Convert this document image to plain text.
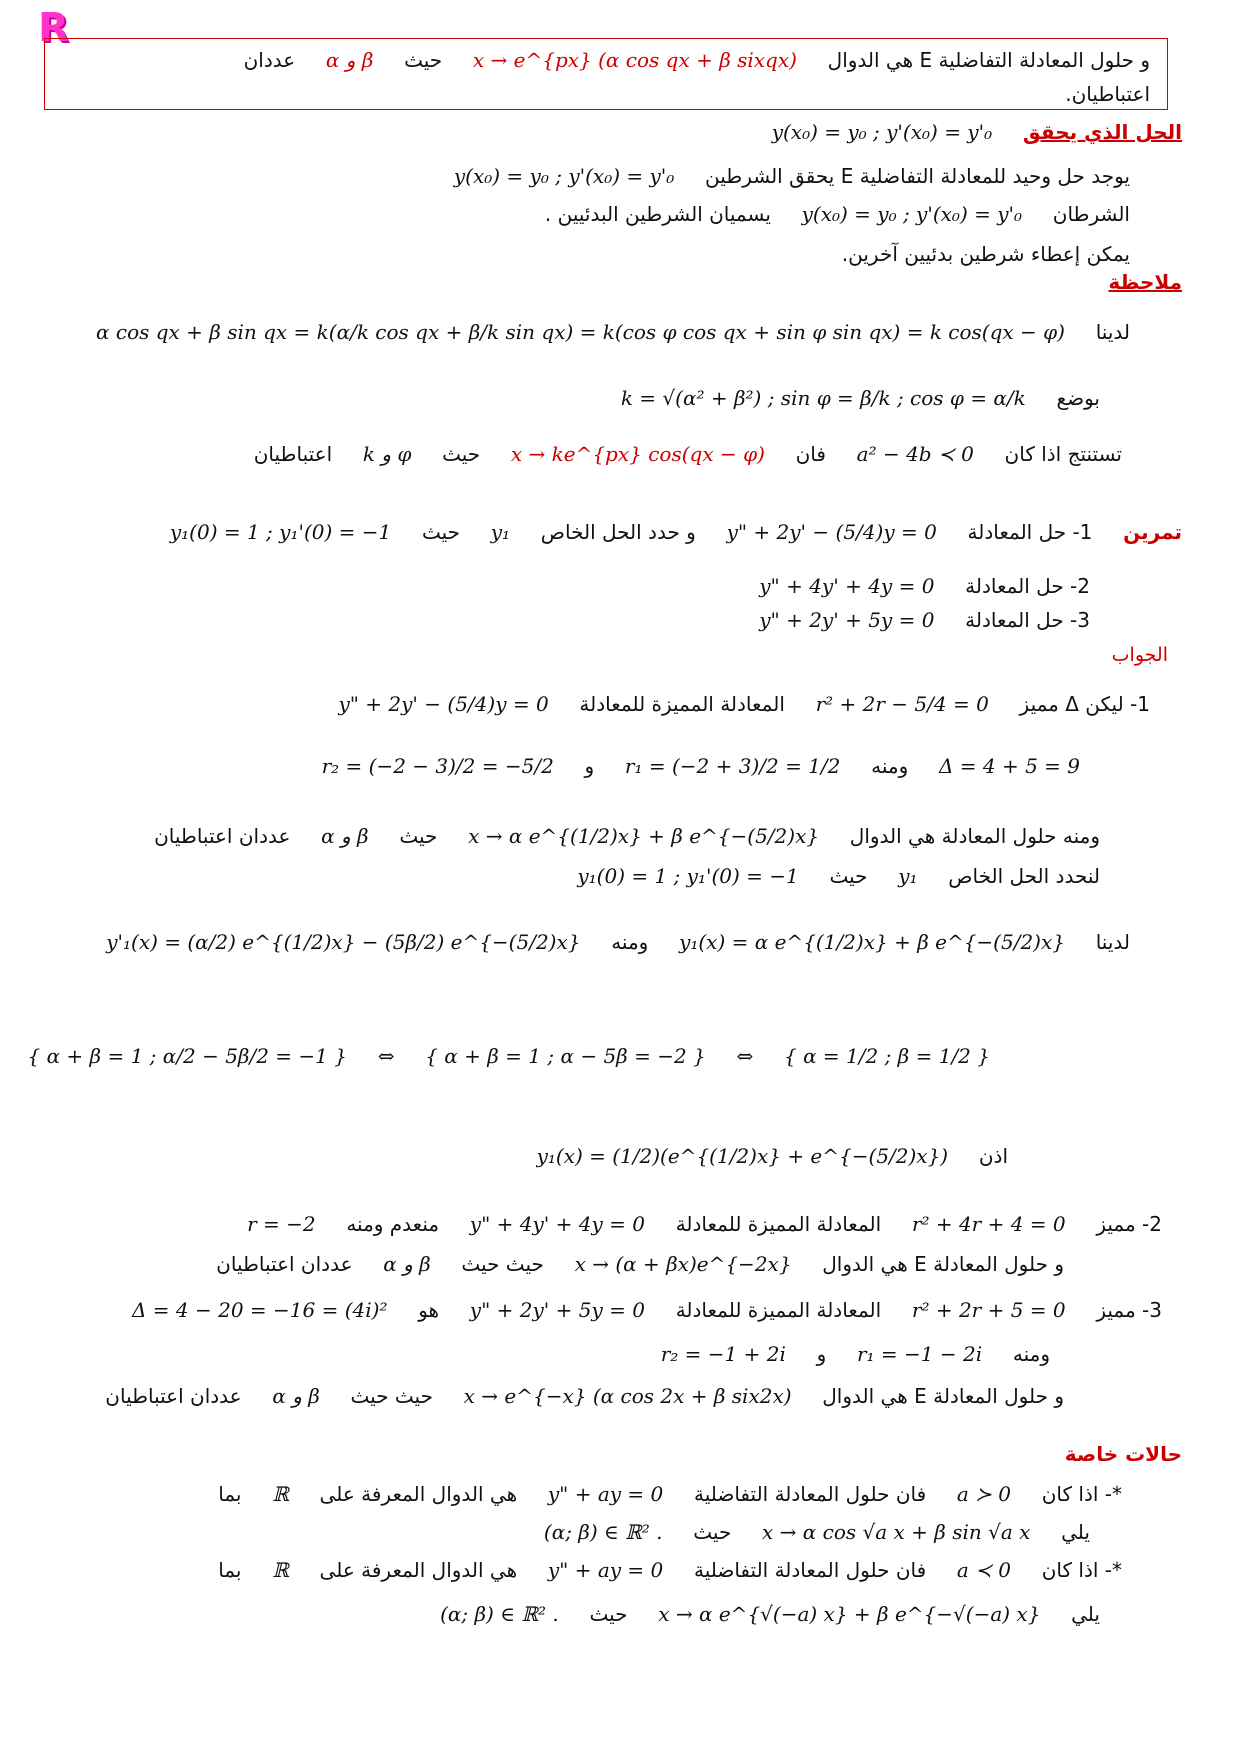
R
و حلول المعادلة التفاضلية E هي الدوال  x → e^{px} (α cos qx + β sixqx)  حيث  α و β  عددان
اعتباطيان.
الحل الذي يحقق  y(x₀) = y₀ ; y'(x₀) = y'₀
يوجد حل وحيد للمعادلة التفاضلية E يحقق الشرطين  y(x₀) = y₀ ; y'(x₀) = y'₀
الشرطان  y(x₀) = y₀ ; y'(x₀) = y'₀  يسميان الشرطين البدئيين .
يمكن إعطاء شرطين بدئيين آخرين.
ملاحظة
لدينا  α cos qx + β sin qx = k(α/k cos qx + β/k sin qx) = k(cos φ cos qx + sin φ sin qx) = k cos(qx − φ)
بوضع  k = √(α² + β²) ; sin φ = β/k ; cos φ = α/k
تستنتج اذا كان  a² − 4b ≺ 0  فان  x → ke^{px} cos(qx − φ)  حيث  k و φ  اعتباطيان
تمرين  1- حل المعادلة  y" + 2y' − (5/4)y = 0  و حدد الحل الخاص  y₁  حيث  y₁(0) = 1 ; y₁'(0) = −1
2- حل المعادلة  y" + 4y' + 4y = 0
3- حل المعادلة  y" + 2y' + 5y = 0
الجواب
1- ليكن Δ مميز  r² + 2r − 5/4 = 0  المعادلة المميزة للمعادلة  y" + 2y' − (5/4)y = 0
Δ = 4 + 5 = 9  ومنه  r₁ = (−2 + 3)/2 = 1/2  و  r₂ = (−2 − 3)/2 = −5/2
ومنه حلول المعادلة هي الدوال  x → α e^{(1/2)x} + β e^{−(5/2)x}  حيث  α و β  عددان اعتباطيان
لنحدد الحل الخاص  y₁  حيث  y₁(0) = 1 ; y₁'(0) = −1
لدينا  y₁(x) = α e^{(1/2)x} + β e^{−(5/2)x}  ومنه  y'₁(x) = (α/2) e^{(1/2)x} − (5β/2) e^{−(5/2)x}
{ α = 1/2 ; β = 1/2 }  ⇔  { α + β = 1 ; α − 5β = −2 }  ⇔  { α + β = 1 ; α/2 − 5β/2 = −1 }
اذن  y₁(x) = (1/2)(e^{(1/2)x} + e^{−(5/2)x})
2- مميز  r² + 4r + 4 = 0  المعادلة المميزة للمعادلة  y" + 4y' + 4y = 0  منعدم ومنه  r = −2
و حلول المعادلة E هي الدوال  x → (α + βx)e^{−2x}  حيث حيث  α و β  عددان اعتباطيان
3- مميز  r² + 2r + 5 = 0  المعادلة المميزة للمعادلة  y" + 2y' + 5y = 0  هو  Δ = 4 − 20 = −16 = (4i)²
ومنه  r₁ = −1 − 2i  و  r₂ = −1 + 2i
و حلول المعادلة E هي الدوال  x → e^{−x} (α cos 2x + β six2x)  حيث حيث  α و β  عددان اعتباطيان
حالات خاصة
*- اذا كان  a ≻ 0  فان حلول المعادلة التفاضلية  y" + ay = 0  هي الدوال المعرفة على  ℝ  بما
يلي  x → α cos √a x + β sin √a x  حيث  (α; β) ∈ ℝ² .
*- اذا كان  a ≺ 0  فان حلول المعادلة التفاضلية  y" + ay = 0  هي الدوال المعرفة على  ℝ  بما
يلي  x → α e^{√(−a) x} + β e^{−√(−a) x}  حيث  (α; β) ∈ ℝ² .
